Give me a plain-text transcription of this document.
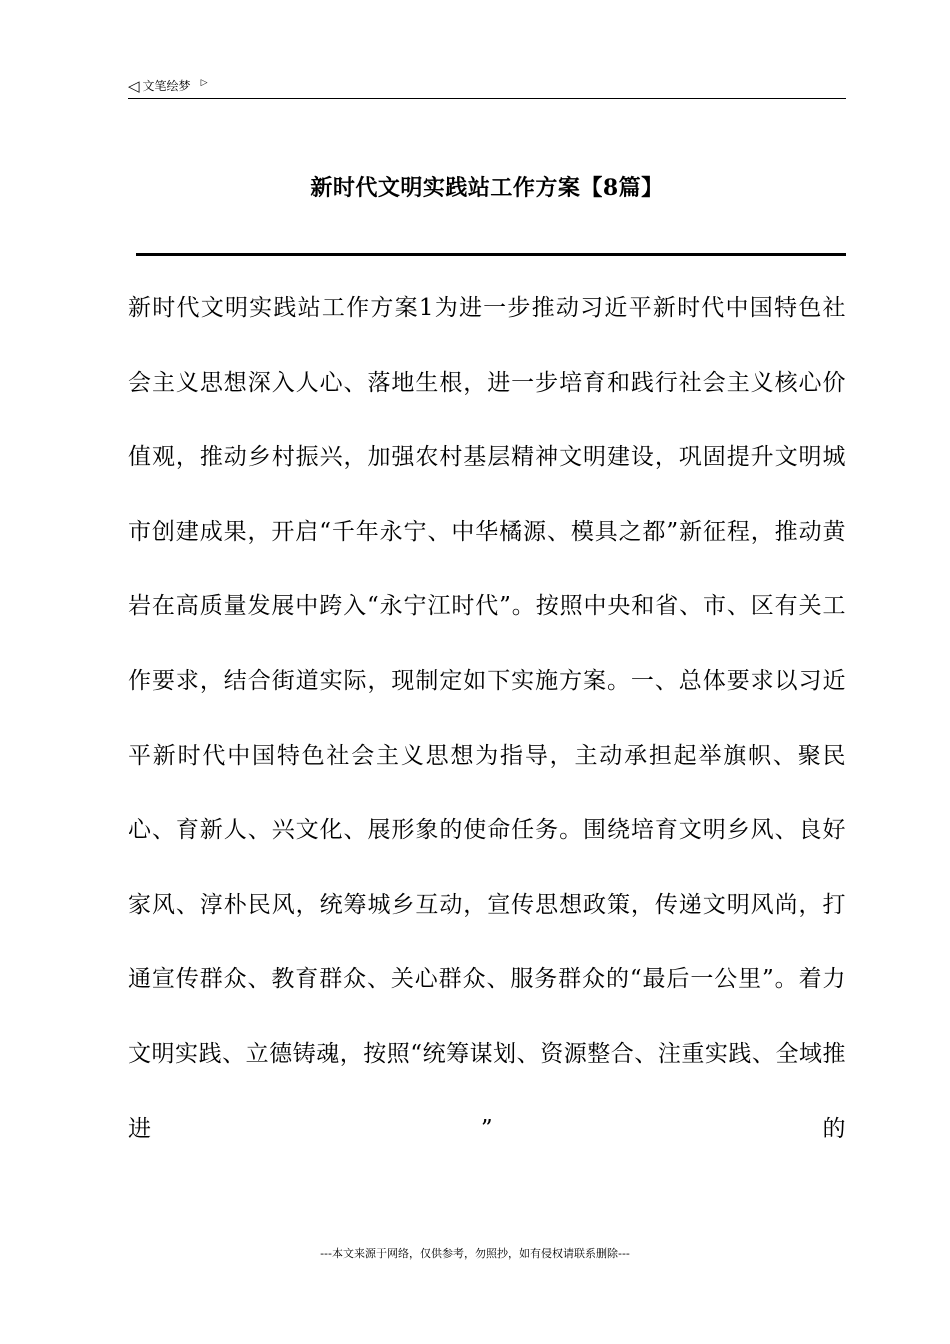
◁ 文笔绘梦 ▷
新时代文明实践站工作方案【8篇】
新时代文明实践站工作方案1为进一步推动习近平新时代中国特色社会主义思想深入人心、落地生根，进一步培育和践行社会主义核心价值观，推动乡村振兴，加强农村基层精神文明建设，巩固提升文明城市创建成果，开启“千年永宁、中华橘源、模具之都”新征程，推动黄岩在高质量发展中跨入“永宁江时代”。按照中央和省、市、区有关工作要求，结合街道实际，现制定如下实施方案。一、总体要求以习近平新时代中国特色社会主义思想为指导，主动承担起举旗帜、聚民心、育新人、兴文化、展形象的使命任务。围绕培育文明乡风、良好家风、淳朴民风，统筹城乡互动，宣传思想政策，传递文明风尚，打通宣传群众、教育群众、关心群众、服务群众的“最后一公里”。着力文明实践、立德铸魂，按照“统筹谋划、资源整合、注重实践、全域推进”的
---本文来源于网络，仅供参考，勿照抄，如有侵权请联系删除---
